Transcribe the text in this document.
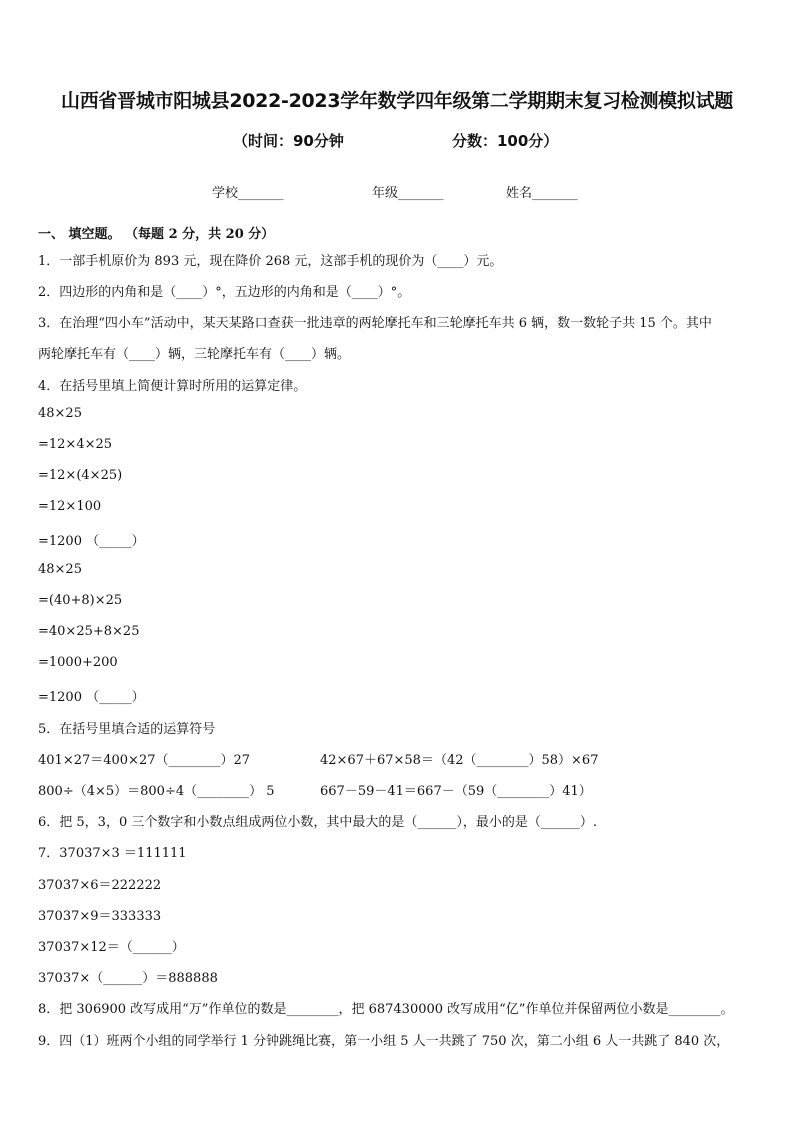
山西省晋城市阳城县2022-2023学年数学四年级第二学期期末复习检测模拟试题
（时间：90分钟	分数：100分）
学校_______	年级_______	姓名_______
一、 填空题。 （每题 2 分，共 20 分）
1．一部手机原价为 893 元，现在降价 268 元，这部手机的现价为（____）元。
2．四边形的内角和是（____）°，五边形的内角和是（____）°。
3．在治理“四小车”活动中，某天某路口查获一批违章的两轮摩托车和三轮摩托车共 6 辆，数一数轮子共 15 个。其中
两轮摩托车有（____）辆，三轮摩托车有（____）辆。
4．在括号里填上简便计算时所用的运算定律。
48×25
=12×4×25
=12×(4×25)
=12×100
=1200 （_____）
48×25
=(40+8)×25
=40×25+8×25
=1000+200
=1200 （_____）
5．在括号里填合适的运算符号
401×27＝400×27（________）27	42×67＋67×58＝（42（________）58）×67
800÷（4×5）＝800÷4（________） 5	667－59－41＝667－（59（________）41）
6．把 5，3，0 三个数字和小数点组成两位小数，其中最大的是（______），最小的是（______）.
7．37037×3 ＝111111
37037×6＝222222
37037×9＝333333
37037×12＝（______）
37037×（______）＝888888
8．把 306900 改写成用“万”作单位的数是________，把 687430000 改写成用“亿”作单位并保留两位小数是________。
9．四（1）班两个小组的同学举行 1 分钟跳绳比赛，第一小组 5 人一共跳了 750 次，第二小组 6 人一共跳了 840 次，
